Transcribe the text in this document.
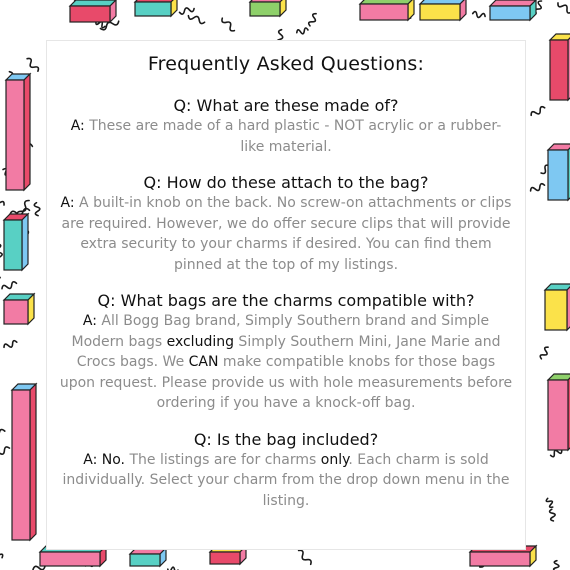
Frequently Asked Questions:
Q: What are these made of?
A: These are made of a hard plastic - NOT acrylic or a rubber-like material.
Q: How do these attach to the bag?
A: A built-in knob on the back. No screw-on attachments or clips are required. However, we do offer secure clips that will provide extra security to your charms if desired. You can find them pinned at the top of my listings.
Q: What bags are the charms compatible with?
A: All Bogg Bag brand, Simply Southern brand and Simple Modern bags excluding Simply Southern Mini, Jane Marie and Crocs bags. We CAN make compatible knobs for those bags upon request. Please provide us with hole measurements before ordering if you have a knock-off bag.
Q: Is the bag included?
A: No. The listings are for charms only. Each charm is sold individually. Select your charm from the drop down menu in the listing.
